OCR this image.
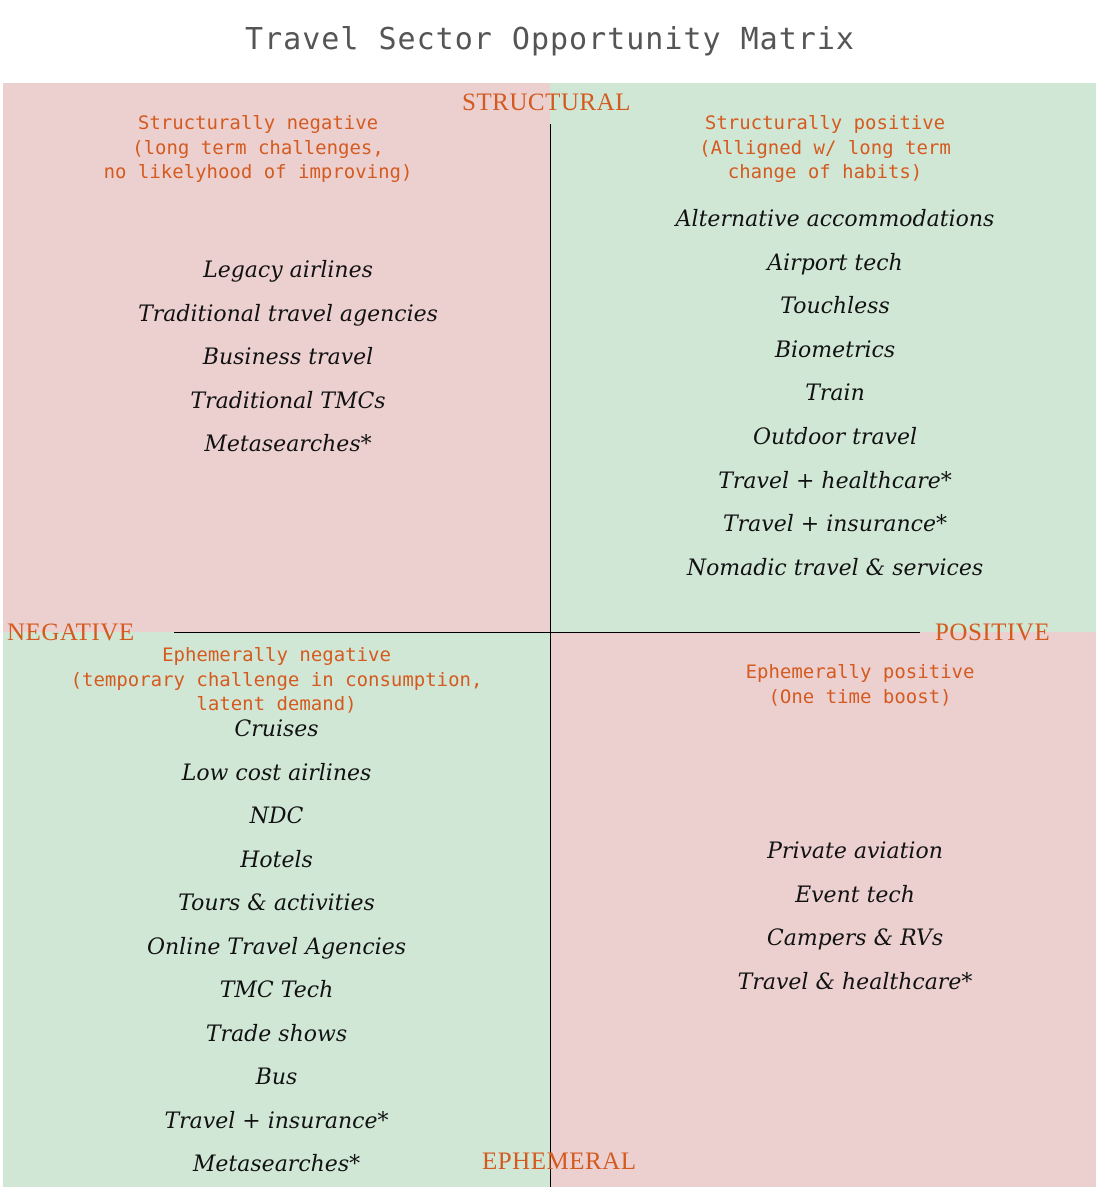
Travel Sector Opportunity Matrix
STRUCTURAL
NEGATIVE	POSITIVE
EPHEMERAL
Structurally negative
(long term challenges,
no likelyhood of improving)
Structurally positive
(Alligned w/ long term
change of habits)
Ephemerally negative
(temporary challenge in consumption,
latent demand)
Ephemerally positive
(One time boost)
Legacy airlines
Traditional travel agencies
Business travel
Traditional TMCs
Metasearches*
Alternative accommodations
Airport tech
Touchless
Biometrics
Train
Outdoor travel
Travel + healthcare*
Travel + insurance*
Nomadic travel & services
Cruises
Low cost airlines
NDC
Hotels
Tours & activities
Online Travel Agencies
TMC Tech
Trade shows
Bus
Travel + insurance*
Metasearches*
Private aviation
Event tech
Campers & RVs
Travel & healthcare*
